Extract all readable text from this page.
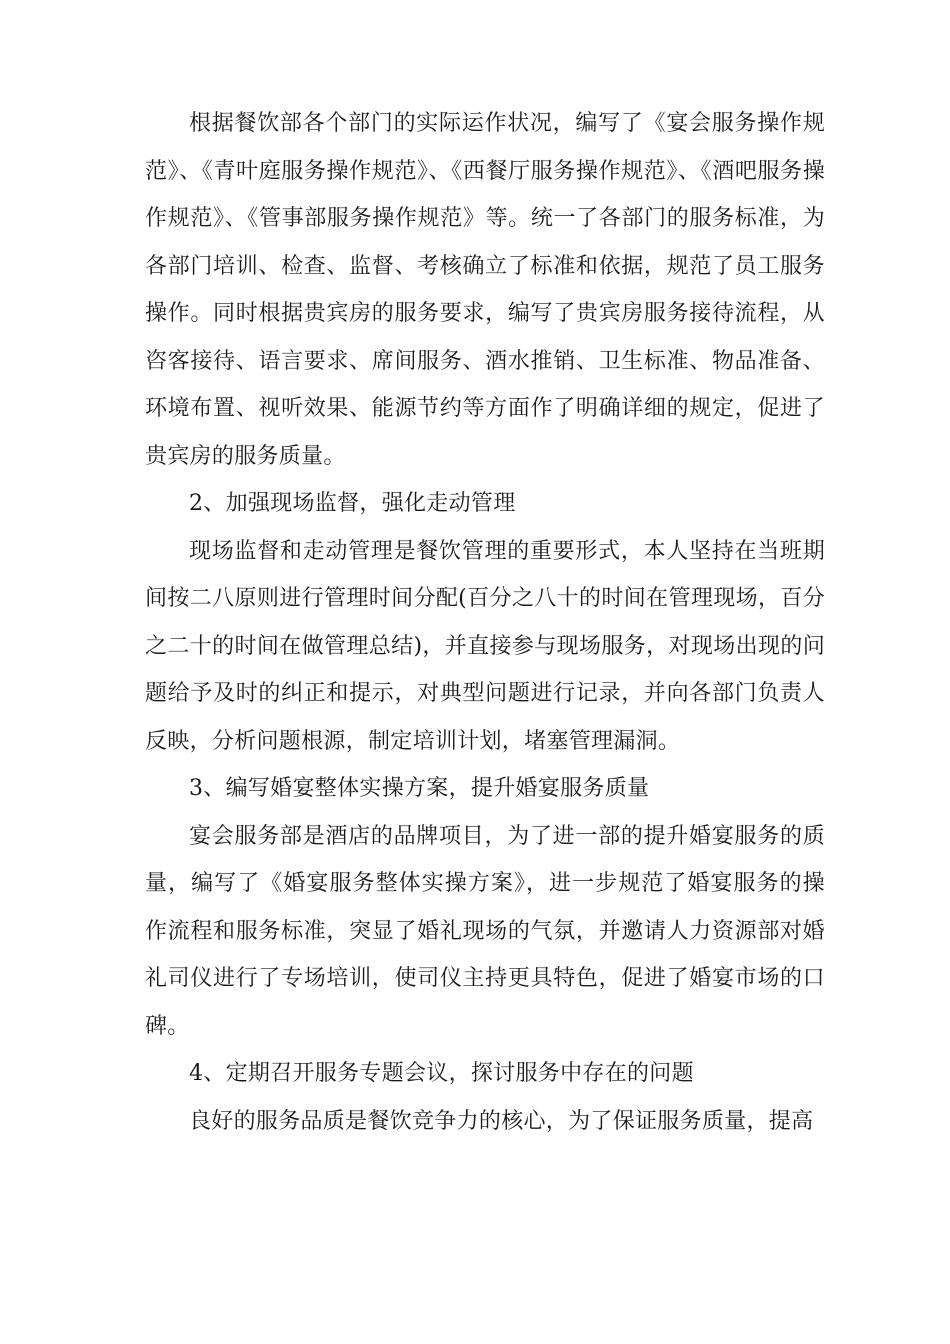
根据餐饮部各个部门的实际运作状况，编写了《宴会服务操作规范》、《青叶庭服务操作规范》、《西餐厅服务操作规范》、《酒吧服务操作规范》、《管事部服务操作规范》等。统一了各部门的服务标准，为各部门培训、检查、监督、考核确立了标准和依据，规范了员工服务操作。同时根据贵宾房的服务要求，编写了贵宾房服务接待流程，从咨客接待、语言要求、席间服务、酒水推销、卫生标准、物品准备、环境布置、视听效果、能源节约等方面作了明确详细的规定，促进了贵宾房的服务质量。

2、加强现场监督，强化走动管理

现场监督和走动管理是餐饮管理的重要形式，本人坚持在当班期间按二八原则进行管理时间分配(百分之八十的时间在管理现场，百分之二十的时间在做管理总结)，并直接参与现场服务，对现场出现的问题给予及时的纠正和提示，对典型问题进行记录，并向各部门负责人反映，分析问题根源，制定培训计划，堵塞管理漏洞。

3、编写婚宴整体实操方案，提升婚宴服务质量

宴会服务部是酒店的品牌项目，为了进一部的提升婚宴服务的质量，编写了《婚宴服务整体实操方案》，进一步规范了婚宴服务的操作流程和服务标准，突显了婚礼现场的气氛，并邀请人力资源部对婚礼司仪进行了专场培训，使司仪主持更具特色，促进了婚宴市场的口碑。

4、定期召开服务专题会议，探讨服务中存在的问题

良好的服务品质是餐饮竞争力的核心，为了保证服务质量，提高
